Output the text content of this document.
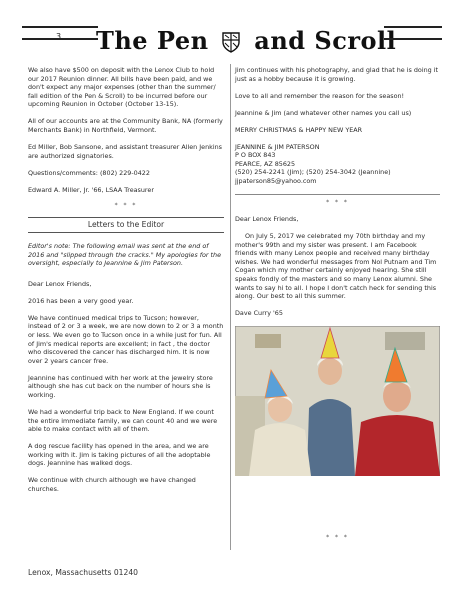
3 The Pen and Scroll

We also have $500 on deposit with the Lenox Club to hold our 2017 Reunion dinner. All bills have been paid, and we don't expect any major expenses (other than the summer/ fall edition of the Pen & Scroll) to be incurred before our upcoming Reunion in October (October 13-15).

All of our accounts are at the Community Bank, NA (formerly Merchants Bank) in Northfield, Vermont.

Ed Miller, Bob Sansone, and assistant treasurer Allen Jenkins are authorized signatories.

Questions/comments: (802) 229-0422

Edward A. Miller, Jr. '66, LSAA Treasurer

* * *
Letters to the Editor

Editor's note: The following email was sent at the end of 2016 and "slipped through the cracks." My apologies for the oversight, especially to Jeannine & Jim Paterson.

Dear Lenox Friends,

2016 has been a very good year.

We have continued medical trips to Tucson; however, instead of 2 or 3 a week, we are now down to 2 or 3 a month or less. We even go to Tucson once in a while just for fun. All of Jim's medical reports are excellent; in fact , the doctor who discovered the cancer has discharged him. It is now over 2 years cancer free.

Jeannine has continued with her work at the jewelry store although she has cut back on the number of hours she is working.

We had a wonderful trip back to New England. If we count the entire immediate family, we can count 40 and we were able to make contact with all of them.

A dog rescue facility has opened in the area, and we are working with it. Jim is taking pictures of all the adoptable dogs. Jeannine has walked dogs.

We continue with church although we have changed churches.

Jim continues with his photography, and glad that he is doing it just as a hobby because it is growing.

Love to all and remember the reason for the season!

Jeannine & Jim (and whatever other names you call us)

MERRY CHRISTMAS & HAPPY NEW YEAR

JEANNINE & JIM PATERSON
P O BOX 843
PEARCE, AZ 85625
(520) 254-2241 (Jim); (520) 254-3042 (Jeannine)
jjpaterson85@yahoo.com

* * *

Dear Lenox Friends,

On July 5, 2017 we celebrated my 70th birthday and my mother's 99th and my sister was present. I am Facebook friends with many Lenox people and received many birthday wishes. We had wonderful messages from Nol Putnam and Tim Cogan which my mother certainly enjoyed hearing. She still speaks fondly of the masters and so many Lenox alumni. She wants to say hi to all. I hope I don't catch heck for sending this along. Our best to all this summer.

Dave Curry '65

* * *
Lenox, Massachusetts 01240
